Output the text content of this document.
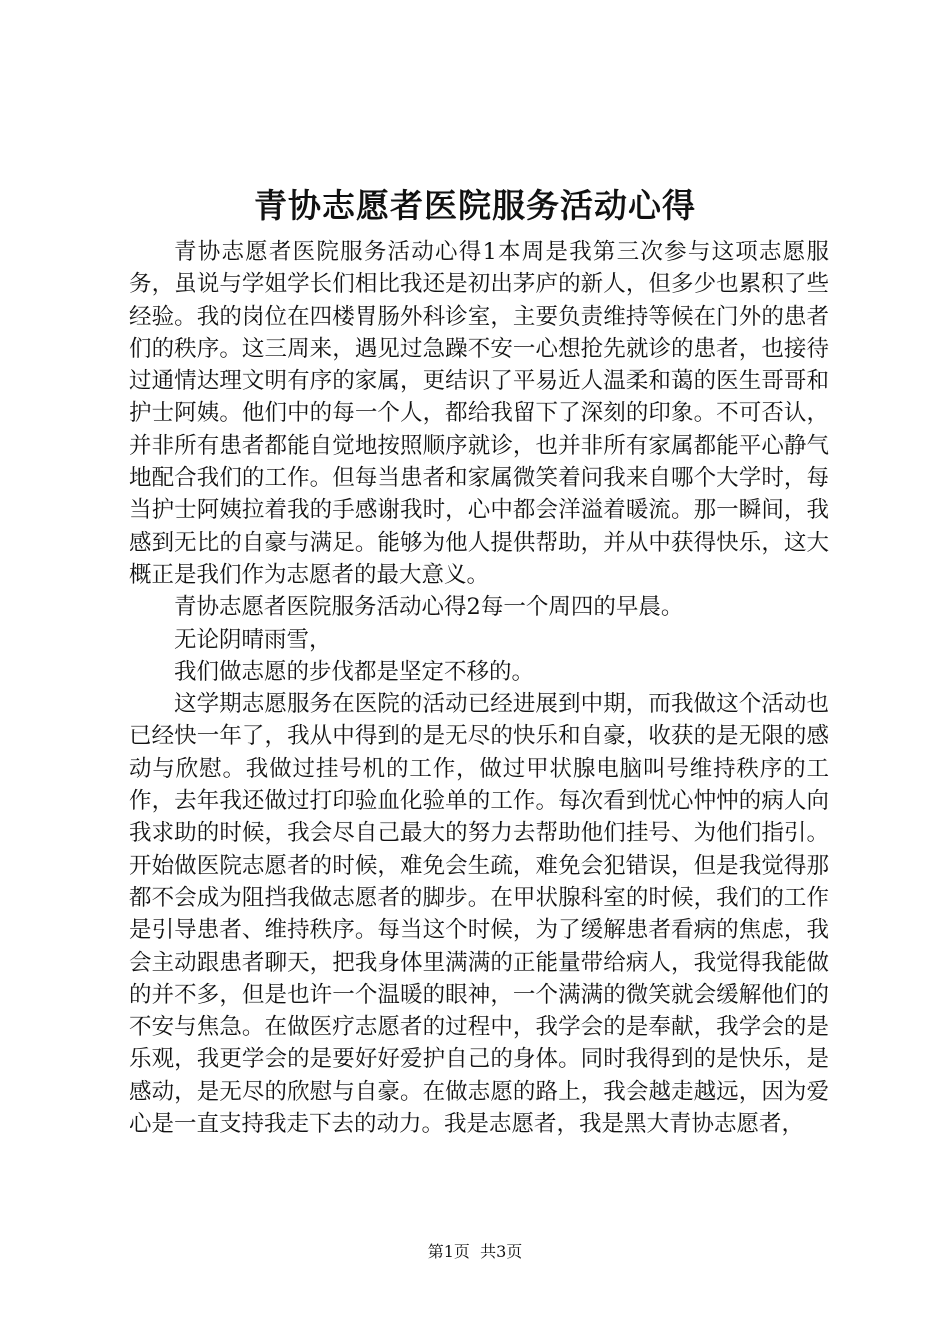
青协志愿者医院服务活动心得

青协志愿者医院服务活动心得1本周是我第三次参与这项志愿服务，虽说与学姐学长们相比我还是初出茅庐的新人，但多少也累积了些经验。我的岗位在四楼胃肠外科诊室，主要负责维持等候在门外的患者们的秩序。这三周来，遇见过急躁不安一心想抢先就诊的患者，也接待过通情达理文明有序的家属，更结识了平易近人温柔和蔼的医生哥哥和护士阿姨。他们中的每一个人，都给我留下了深刻的印象。不可否认，并非所有患者都能自觉地按照顺序就诊，也并非所有家属都能平心静气地配合我们的工作。但每当患者和家属微笑着问我来自哪个大学时，每当护士阿姨拉着我的手感谢我时，心中都会洋溢着暖流。那一瞬间，我感到无比的自豪与满足。能够为他人提供帮助，并从中获得快乐，这大概正是我们作为志愿者的最大意义。

青协志愿者医院服务活动心得2每一个周四的早晨。

无论阴晴雨雪，

我们做志愿的步伐都是坚定不移的。

这学期志愿服务在医院的活动已经进展到中期，而我做这个活动也已经快一年了，我从中得到的是无尽的快乐和自豪，收获的是无限的感动与欣慰。我做过挂号机的工作，做过甲状腺电脑叫号维持秩序的工作，去年我还做过打印验血化验单的工作。每次看到忧心忡忡的病人向我求助的时候，我会尽自己最大的努力去帮助他们挂号、为他们指引。开始做医院志愿者的时候，难免会生疏，难免会犯错误，但是我觉得那都不会成为阻挡我做志愿者的脚步。在甲状腺科室的时候，我们的工作是引导患者、维持秩序。每当这个时候，为了缓解患者看病的焦虑，我会主动跟患者聊天，把我身体里满满的正能量带给病人，我觉得我能做的并不多，但是也许一个温暖的眼神，一个满满的微笑就会缓解他们的不安与焦急。在做医疗志愿者的过程中，我学会的是奉献，我学会的是乐观，我更学会的是要好好爱护自己的身体。同时我得到的是快乐，是感动，是无尽的欣慰与自豪。在做志愿的路上，我会越走越远，因为爱心是一直支持我走下去的动力。我是志愿者，我是黑大青协志愿者，

第1页 共3页
